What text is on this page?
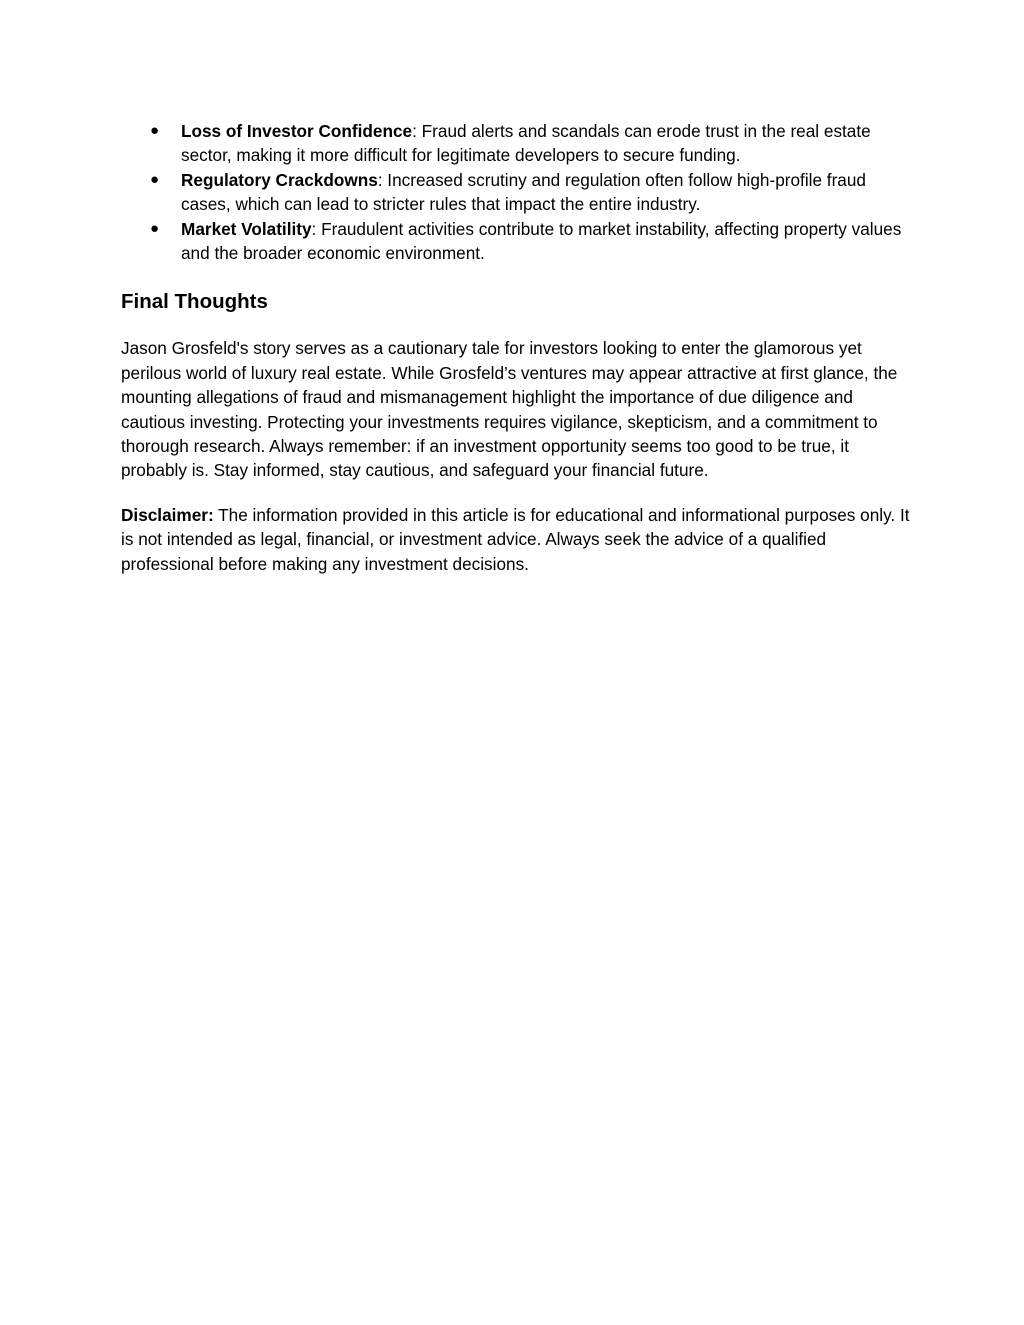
● Loss of Investor Confidence: Fraud alerts and scandals can erode trust in the real estate sector, making it more difficult for legitimate developers to secure funding.
● Regulatory Crackdowns: Increased scrutiny and regulation often follow high-profile fraud cases, which can lead to stricter rules that impact the entire industry.
● Market Volatility: Fraudulent activities contribute to market instability, affecting property values and the broader economic environment.
Final Thoughts

Jason Grosfeld's story serves as a cautionary tale for investors looking to enter the glamorous yet perilous world of luxury real estate. While Grosfeld’s ventures may appear attractive at first glance, the mounting allegations of fraud and mismanagement highlight the importance of due diligence and cautious investing. Protecting your investments requires vigilance, skepticism, and a commitment to thorough research. Always remember: if an investment opportunity seems too good to be true, it probably is. Stay informed, stay cautious, and safeguard your financial future.

Disclaimer: The information provided in this article is for educational and informational purposes only. It is not intended as legal, financial, or investment advice. Always seek the advice of a qualified professional before making any investment decisions.
